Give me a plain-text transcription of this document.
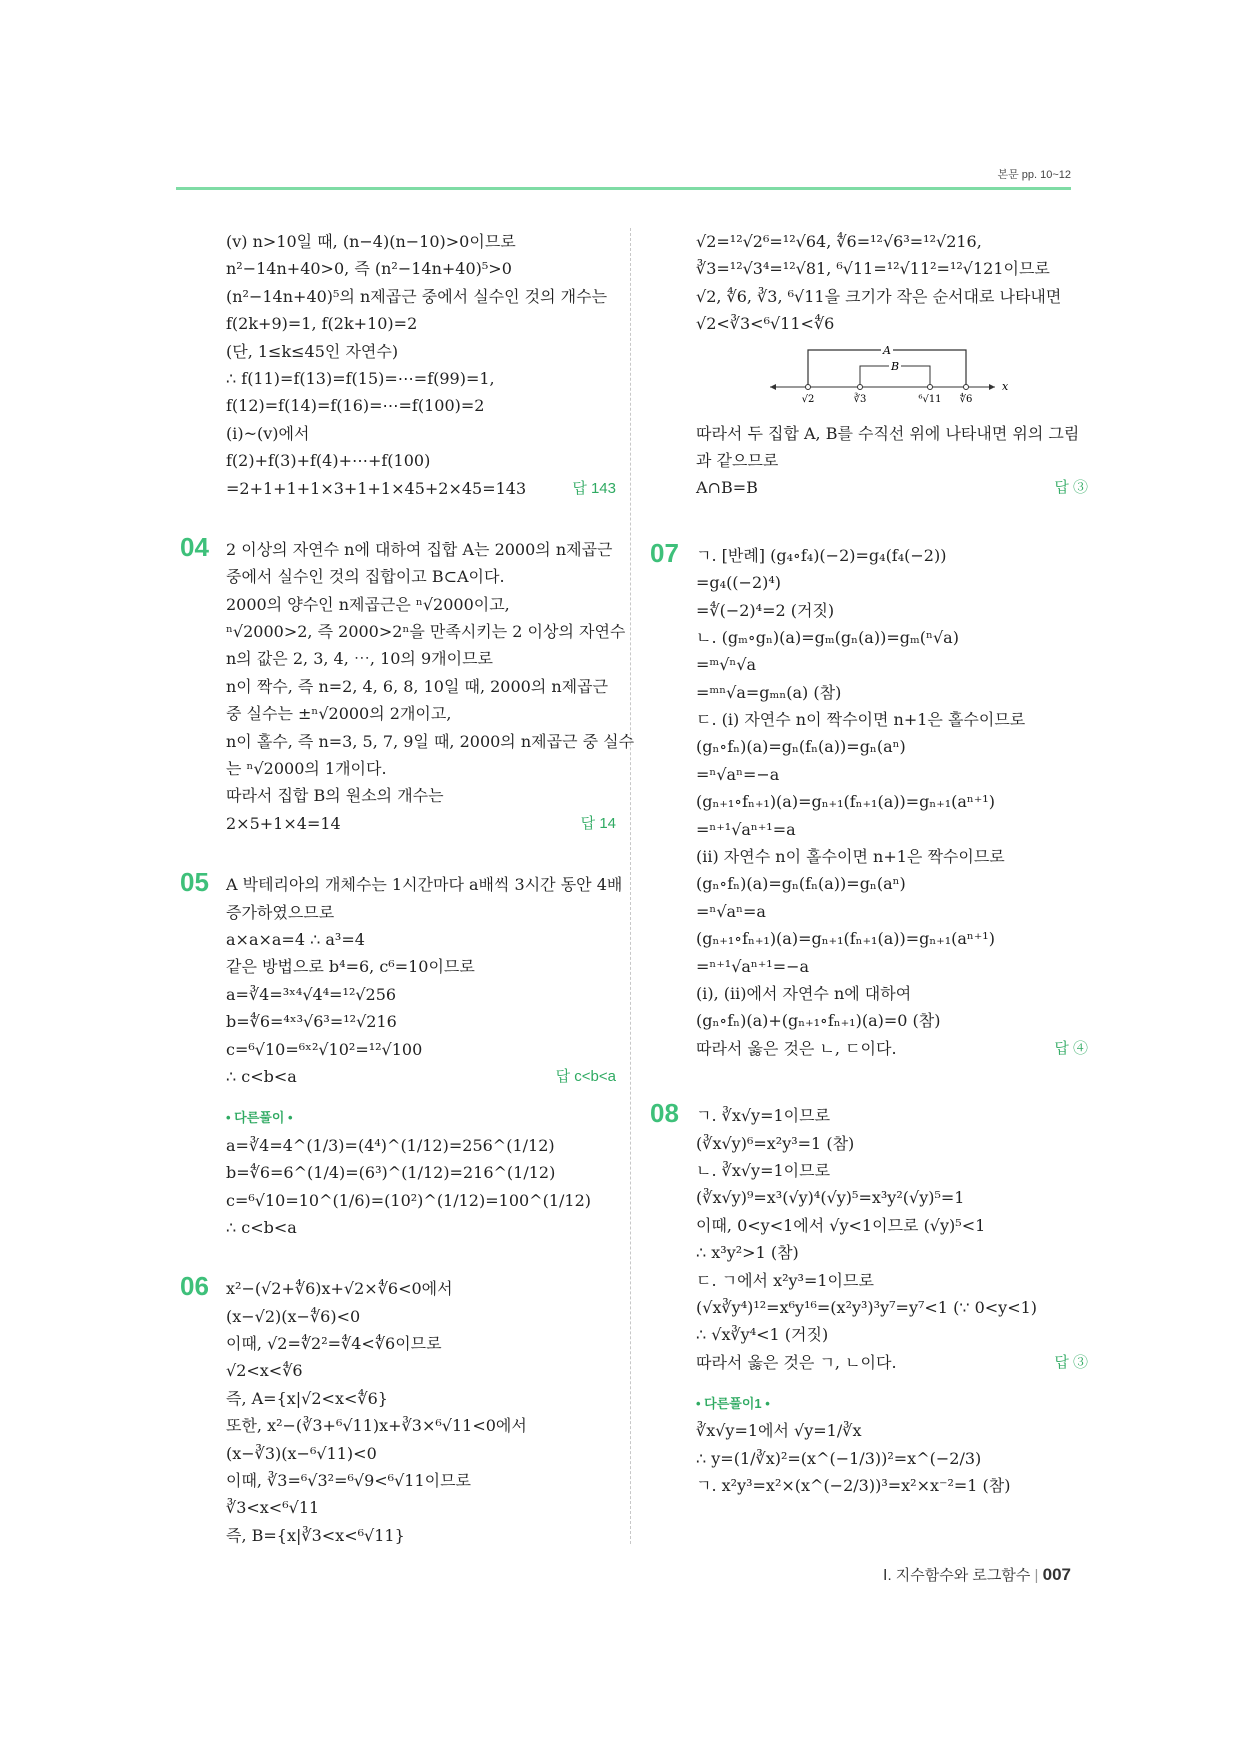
본문 pp. 10~12
(ⅴ) n>10일 때, (n−4)(n−10)>0이므로
n²−14n+40>0, 즉 (n²−14n+40)⁵>0
(n²−14n+40)⁵의 n제곱근 중에서 실수인 것의 개수는
f(2k+9)=1, f(2k+10)=2
(단, 1≤k≤45인 자연수)
∴ f(11)=f(13)=f(15)=⋯=f(99)=1,
f(12)=f(14)=f(16)=⋯=f(100)=2
(ⅰ)~(ⅴ)에서
f(2)+f(3)+f(4)+⋯+f(100)
=2+1+1+1×3+1+1×45+2×45=143	답 143
04 2 이상의 자연수 n에 대하여 집합 A는 2000의 n제곱근
중에서 실수인 것의 집합이고 B⊂A이다.
2000의 양수인 n제곱근은 ⁿ√2000이고,
ⁿ√2000>2, 즉 2000>2ⁿ을 만족시키는 2 이상의 자연수
n의 값은 2, 3, 4, ⋯, 10의 9개이므로
n이 짝수, 즉 n=2, 4, 6, 8, 10일 때, 2000의 n제곱근
중 실수는 ±ⁿ√2000의 2개이고,
n이 홀수, 즉 n=3, 5, 7, 9일 때, 2000의 n제곱근 중 실수
는 ⁿ√2000의 1개이다.
따라서 집합 B의 원소의 개수는
2×5+1×4=14	답 14
05 A 박테리아의 개체수는 1시간마다 a배씩 3시간 동안 4배
증가하였으므로
a×a×a=4 ∴ a³=4
같은 방법으로 b⁴=6, c⁶=10이므로
a=∛4=³ˣ⁴√4⁴=¹²√256
b=∜6=⁴ˣ³√6³=¹²√216
c=⁶√10=⁶ˣ²√10²=¹²√100
∴ c<b<a	답 c<b<a
• 다른풀이 •
a=∛4=4^(1/3)=(4⁴)^(1/12)=256^(1/12)
b=∜6=6^(1/4)=(6³)^(1/12)=216^(1/12)
c=⁶√10=10^(1/6)=(10²)^(1/12)=100^(1/12)
∴ c<b<a
06 x²−(√2+∜6)x+√2×∜6<0에서
(x−√2)(x−∜6)<0
이때, √2=∜2²=∜4<∜6이므로
√2<x<∜6
즉, A={x|√2<x<∜6}
또한, x²−(∛3+⁶√11)x+∛3×⁶√11<0에서
(x−∛3)(x−⁶√11)<0
이때, ∛3=⁶√3²=⁶√9<⁶√11이므로
∛3<x<⁶√11
즉, B={x|∛3<x<⁶√11}
√2=¹²√2⁶=¹²√64, ∜6=¹²√6³=¹²√216,
∛3=¹²√3⁴=¹²√81, ⁶√11=¹²√11²=¹²√121이므로
√2, ∜6, ∛3, ⁶√11을 크기가 작은 순서대로 나타내면
√2<∛3<⁶√11<∜6
따라서 두 집합 A, B를 수직선 위에 나타내면 위의 그림
과 같으므로
A∩B=B	답 ③
07 ㄱ. [반례] (g₄∘f₄)(−2)=g₄(f₄(−2))
=g₄((−2)⁴)
=∜(−2)⁴=2 (거짓)
ㄴ. (gₘ∘gₙ)(a)=gₘ(gₙ(a))=gₘ(ⁿ√a)
=ᵐ√ⁿ√a
=ᵐⁿ√a=gₘₙ(a) (참)
ㄷ. (ⅰ) 자연수 n이 짝수이면 n+1은 홀수이므로
(gₙ∘fₙ)(a)=gₙ(fₙ(a))=gₙ(aⁿ)
=ⁿ√aⁿ=−a
(gₙ₊₁∘fₙ₊₁)(a)=gₙ₊₁(fₙ₊₁(a))=gₙ₊₁(aⁿ⁺¹)
=ⁿ⁺¹√aⁿ⁺¹=a
(ⅱ) 자연수 n이 홀수이면 n+1은 짝수이므로
(gₙ∘fₙ)(a)=gₙ(fₙ(a))=gₙ(aⁿ)
=ⁿ√aⁿ=a
(gₙ₊₁∘fₙ₊₁)(a)=gₙ₊₁(fₙ₊₁(a))=gₙ₊₁(aⁿ⁺¹)
=ⁿ⁺¹√aⁿ⁺¹=−a
(ⅰ), (ⅱ)에서 자연수 n에 대하여
(gₙ∘fₙ)(a)+(gₙ₊₁∘fₙ₊₁)(a)=0 (참)
따라서 옳은 것은 ㄴ, ㄷ이다.	답 ④
08 ㄱ. ∛x√y=1이므로
(∛x√y)⁶=x²y³=1 (참)
ㄴ. ∛x√y=1이므로
(∛x√y)⁹=x³(√y)⁴(√y)⁵=x³y²(√y)⁵=1
이때, 0<y<1에서 √y<1이므로 (√y)⁵<1
∴ x³y²>1 (참)
ㄷ. ㄱ에서 x²y³=1이므로
(√x∛y⁴)¹²=x⁶y¹⁶=(x²y³)³y⁷=y⁷<1 (∵ 0<y<1)
∴ √x∛y⁴<1 (거짓)
따라서 옳은 것은 ㄱ, ㄴ이다.	답 ③
• 다른풀이1 •
∛x√y=1에서 √y=1/∛x
∴ y=(1/∛x)²=(x^(−1/3))²=x^(−2/3)
ㄱ. x²y³=x²×(x^(−2/3))³=x²×x⁻²=1 (참)
A
B
√2	∛3	⁶√11 ∜6
x
Ⅰ. 지수함수와 로그함수 | 007
